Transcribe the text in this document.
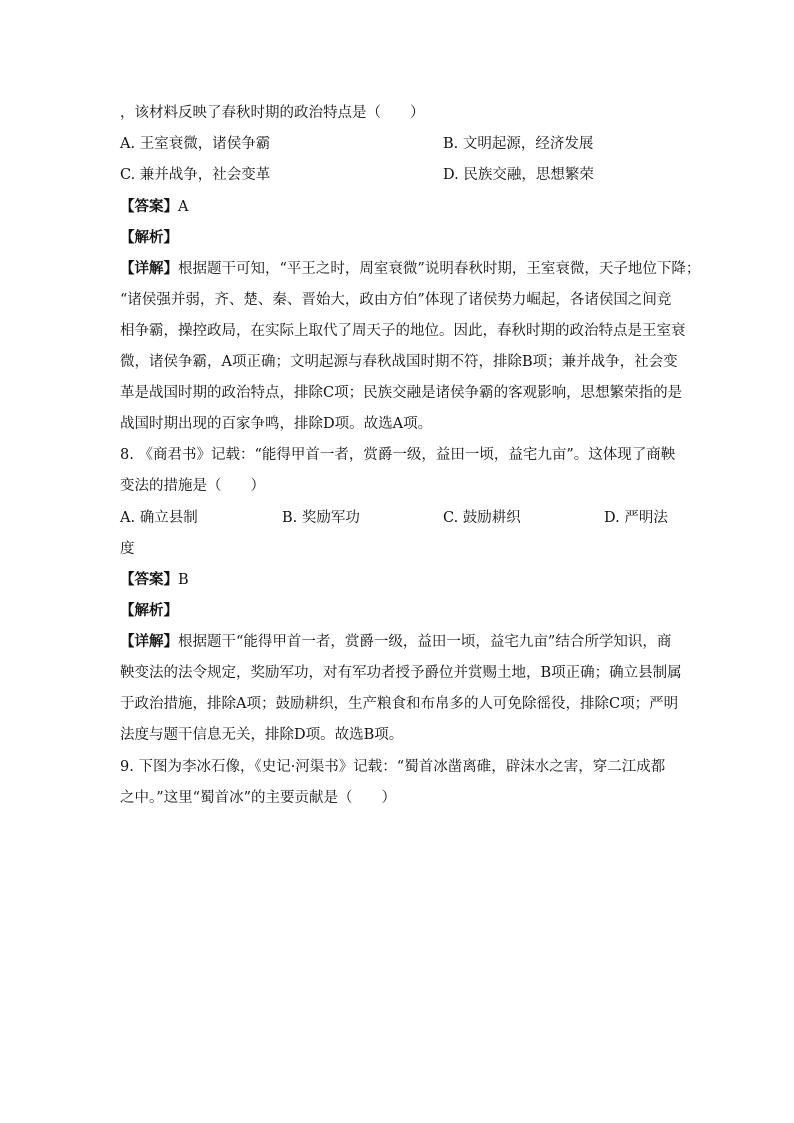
，该材料反映了春秋时期的政治特点是（　　）
A. 王室衰微，诸侯争霸	B. 文明起源，经济发展
C. 兼并战争，社会变革	D. 民族交融，思想繁荣
【答案】A
【解析】
【详解】根据题干可知，“平王之时，周室衰微”说明春秋时期，王室衰微，天子地位下降；
“诸侯强并弱，齐、楚、秦、晋始大，政由方伯”体现了诸侯势力崛起，各诸侯国之间竞
相争霸，操控政局，在实际上取代了周天子的地位。因此，春秋时期的政治特点是王室衰
微，诸侯争霸，A项正确；文明起源与春秋战国时期不符，排除B项；兼并战争，社会变
革是战国时期的政治特点，排除C项；民族交融是诸侯争霸的客观影响，思想繁荣指的是
战国时期出现的百家争鸣，排除D项。故选A项。
8. 《商君书》记载：“能得甲首一者，赏爵一级，益田一顷，益宅九亩”。这体现了商鞅
变法的措施是（　　）
A. 确立县制	B. 奖励军功	C. 鼓励耕织	D. 严明法
度
【答案】B
【解析】
【详解】根据题干“能得甲首一者，赏爵一级，益田一顷，益宅九亩”结合所学知识，商
鞅变法的法令规定，奖励军功，对有军功者授予爵位并赏赐土地，B项正确；确立县制属
于政治措施，排除A项；鼓励耕织，生产粮食和布帛多的人可免除徭役，排除C项；严明
法度与题干信息无关，排除D项。故选B项。
9. 下图为李冰石像，《史记·河渠书》记载：“蜀首冰凿离碓，辟沫水之害，穿二江成都
之中。”这里“蜀首冰”的主要贡献是（　　）
